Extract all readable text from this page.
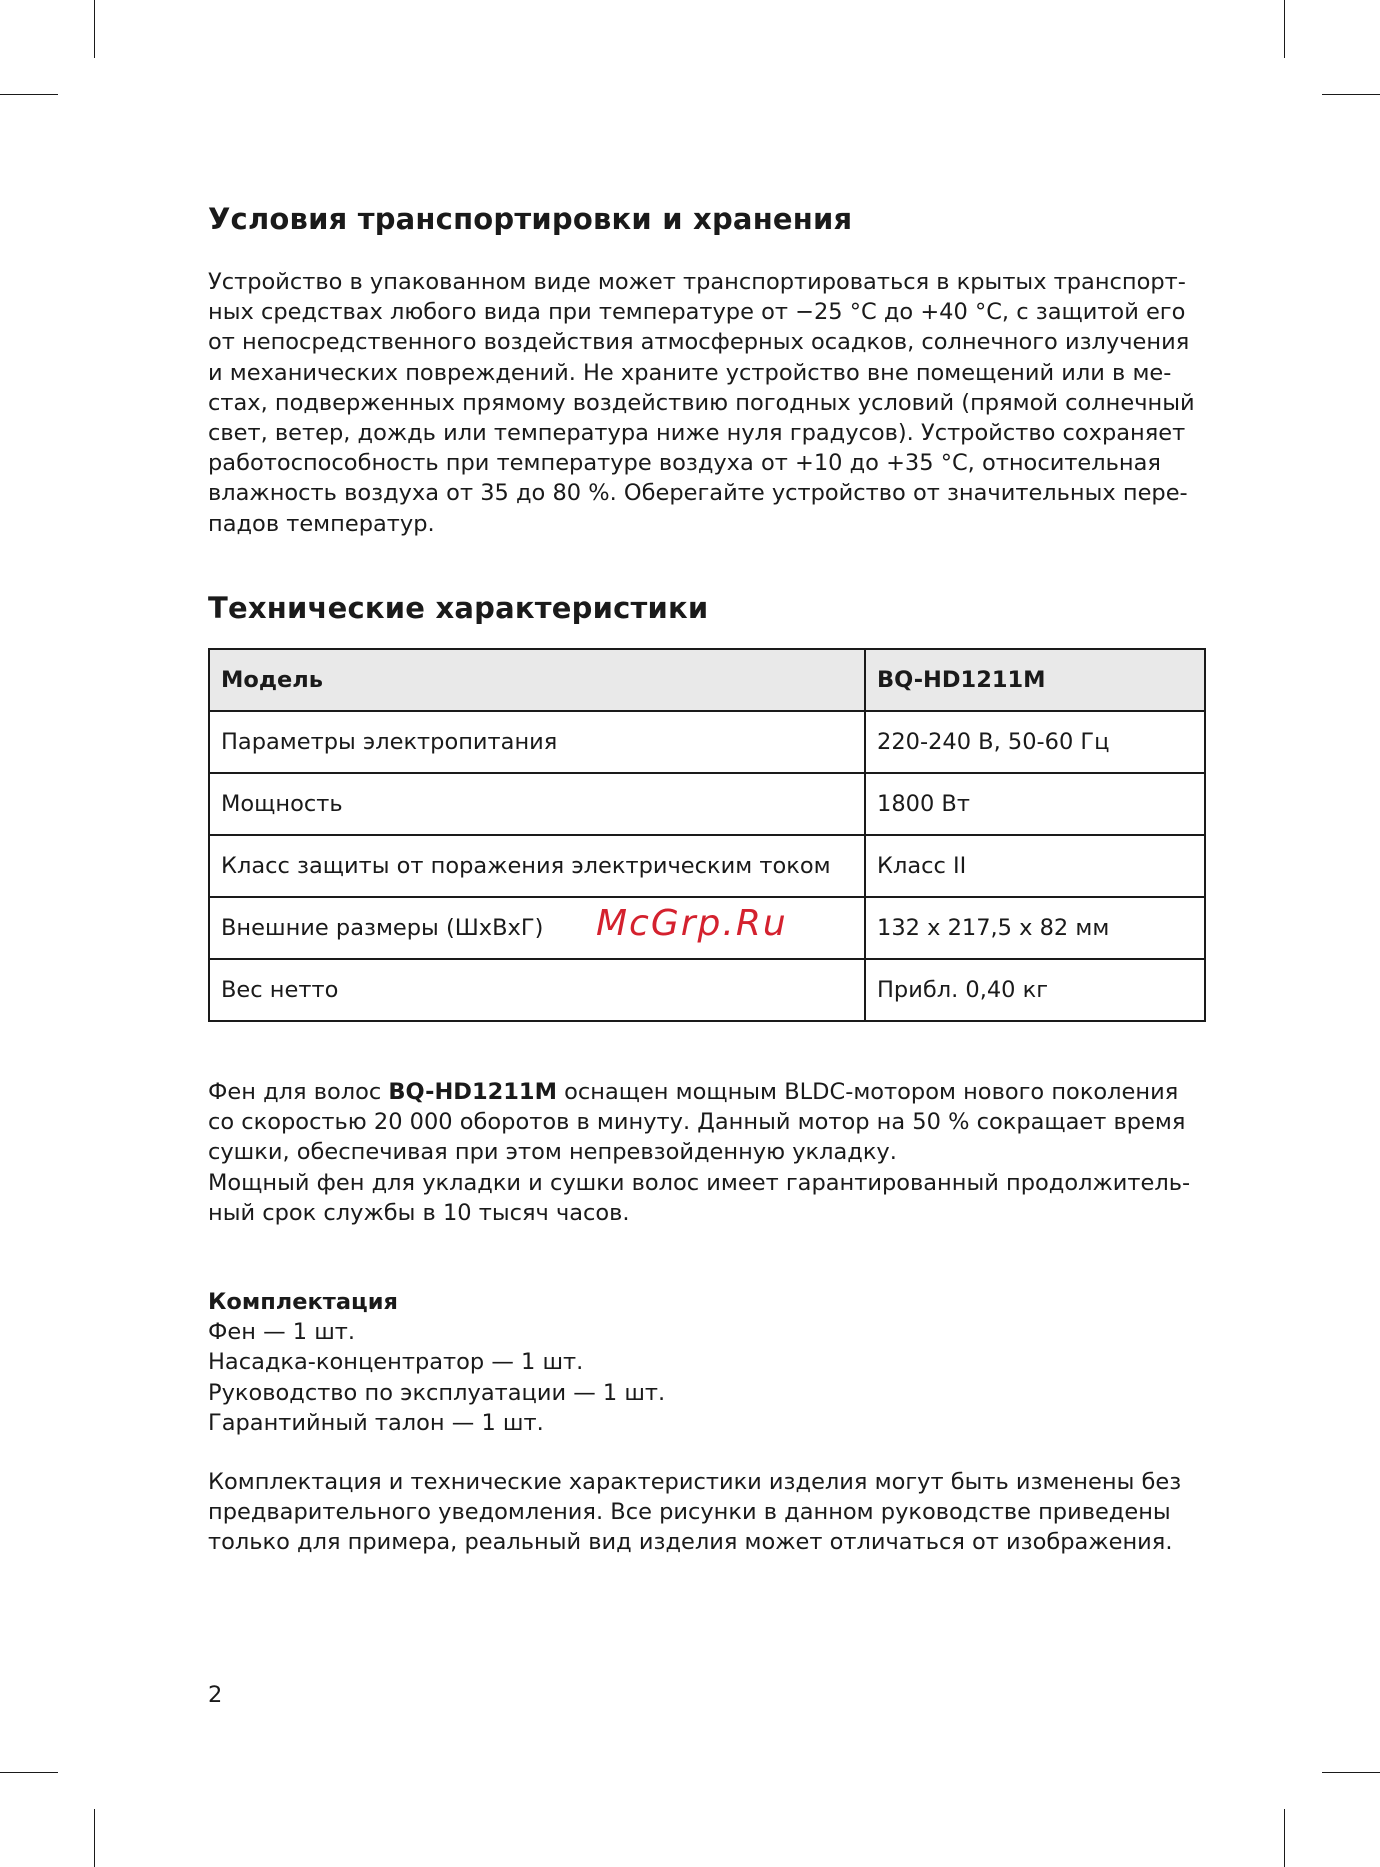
Условия транспортировки и хранения
Устройство в упакованном виде может транспортироваться в крытых транспорт-
ных средствах любого вида при температуре от −25 °C до +40 °C, с защитой его
от непосредственного воздействия атмосферных осадков, солнечного излучения
и механических повреждений. Не храните устройство вне помещений или в ме-
стах, подверженных прямому воздействию погодных условий (прямой солнечный
свет, ветер, дождь или температура ниже нуля градусов). Устройство сохраняет
работоспособность при температуре воздуха от +10 до +35 °C, относительная
влажность воздуха от 35 до 80 %. Оберегайте устройство от значительных пере-
падов температур.
Технические характеристики
Модель	BQ-HD1211M
Параметры электропитания	220-240 В, 50-60 Гц
Мощность	1800 Вт
Класс защиты от поражения электрическим током	Класс II
Внешние размеры (ШхВхГ)	132 x 217,5 x 82 мм
Вес нетто	Прибл. 0,40 кг
McGrp.Ru
Фен для волос BQ-HD1211M оснащен мощным BLDC-мотором нового поколения
со скоростью 20 000 оборотов в минуту. Данный мотор на 50 % сокращает время
сушки, обеспечивая при этом непревзойденную укладку.
Мощный фен для укладки и сушки волос имеет гарантированный продолжитель-
ный срок службы в 10 тысяч часов.
Комплектация
Фен — 1 шт.
Насадка-концентратор — 1 шт.
Руководство по эксплуатации — 1 шт.
Гарантийный талон — 1 шт.
Комплектация и технические характеристики изделия могут быть изменены без
предварительного уведомления. Все рисунки в данном руководстве приведены
только для примера, реальный вид изделия может отличаться от изображения.
2
